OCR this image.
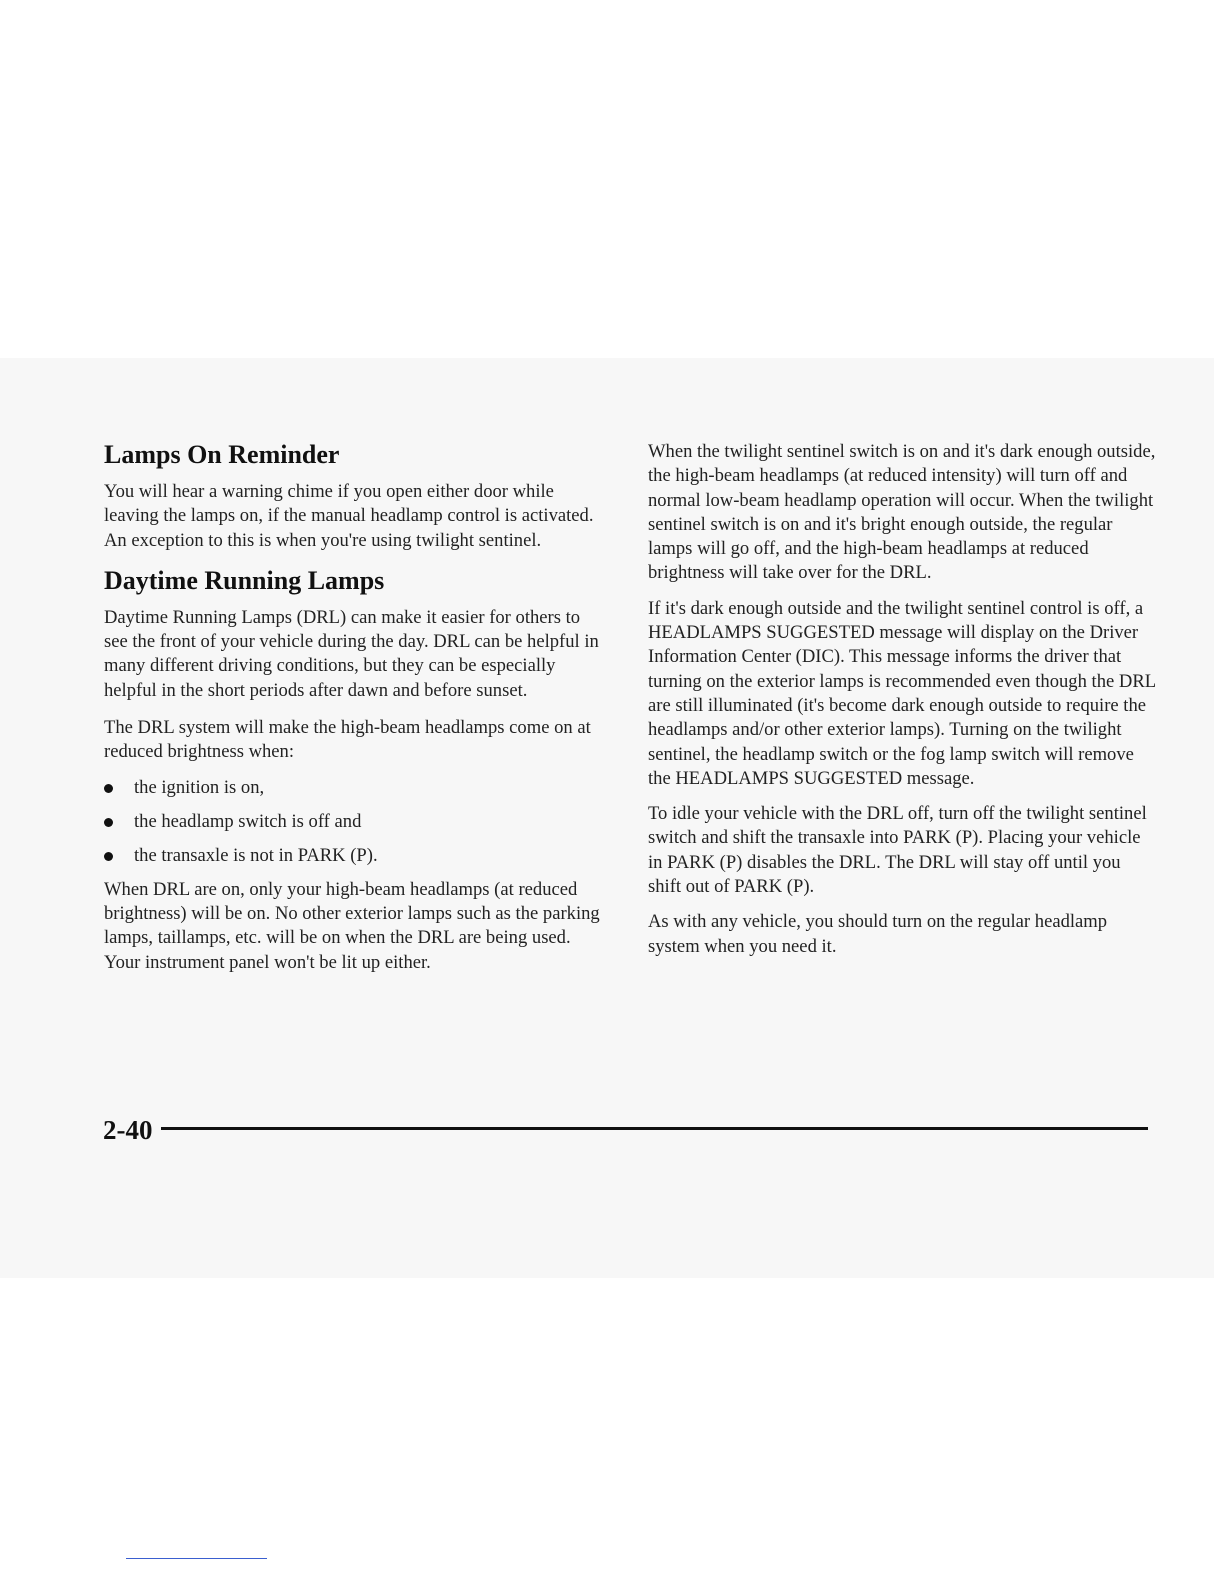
Lamps On Reminder

You will hear a warning chime if you open either door while leaving the lamps on, if the manual headlamp control is activated. An exception to this is when you're using twilight sentinel.

Daytime Running Lamps

Daytime Running Lamps (DRL) can make it easier for others to see the front of your vehicle during the day. DRL can be helpful in many different driving conditions, but they can be especially helpful in the short periods after dawn and before sunset.

The DRL system will make the high-beam headlamps come on at reduced brightness when:

the ignition is on,
the headlamp switch is off and
the transaxle is not in PARK (P).

When DRL are on, only your high-beam headlamps (at reduced brightness) will be on. No other exterior lamps such as the parking lamps, taillamps, etc. will be on when the DRL are being used. Your instrument panel won't be lit up either.

When the twilight sentinel switch is on and it's dark enough outside, the high-beam headlamps (at reduced intensity) will turn off and normal low-beam headlamp operation will occur. When the twilight sentinel switch is on and it's bright enough outside, the regular lamps will go off, and the high-beam headlamps at reduced brightness will take over for the DRL.

If it's dark enough outside and the twilight sentinel control is off, a HEADLAMPS SUGGESTED message will display on the Driver Information Center (DIC). This message informs the driver that turning on the exterior lamps is recommended even though the DRL are still illuminated (it's become dark enough outside to require the headlamps and/or other exterior lamps). Turning on the twilight sentinel, the headlamp switch or the fog lamp switch will remove the HEADLAMPS SUGGESTED message.

To idle your vehicle with the DRL off, turn off the twilight sentinel switch and shift the transaxle into PARK (P). Placing your vehicle in PARK (P) disables the DRL. The DRL will stay off until you shift out of PARK (P).

As with any vehicle, you should turn on the regular headlamp system when you need it.

2-40
